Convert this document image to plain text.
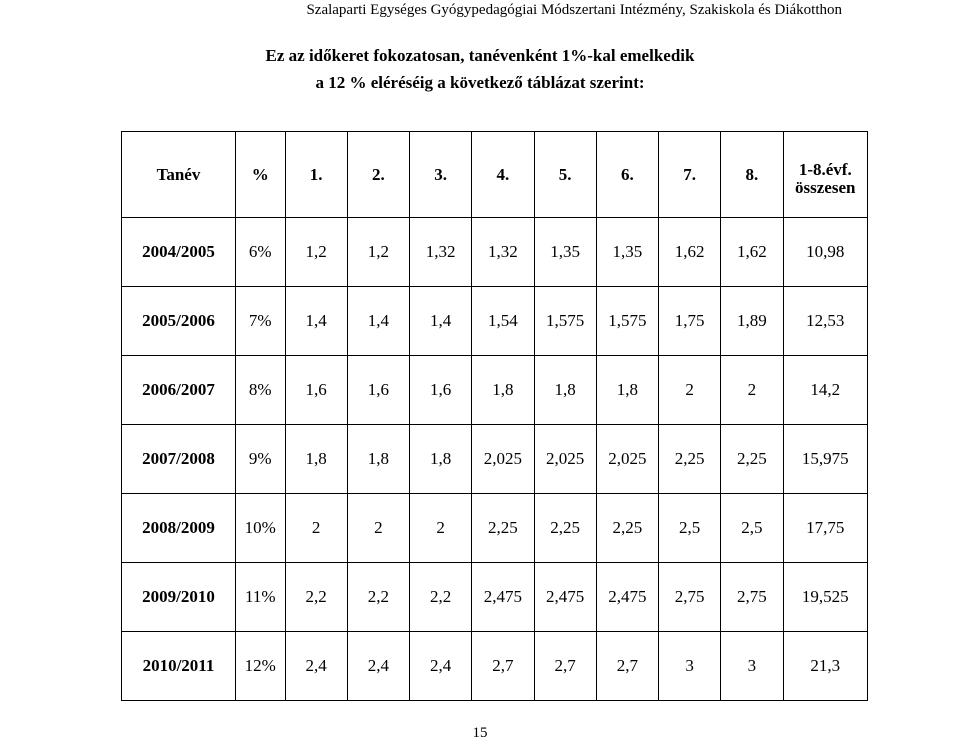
Szalaparti Egységes Gyógypedagógiai Módszertani Intézmény, Szakiskola és Diákotthon
Ez az időkeret fokozatosan, tanévenként 1%-kal emelkedik
a 12 % eléréséig a következő táblázat szerint:
Tanév	%	1.	2.	3.	4.	5.	6.	7.	8.	1-8.évf.
összesen
2004/2005	6%	1,2	1,2	1,32	1,32	1,35	1,35	1,62	1,62	10,98
2005/2006	7%	1,4	1,4	1,4	1,54	1,575	1,575	1,75	1,89	12,53
2006/2007	8%	1,6	1,6	1,6	1,8	1,8	1,8	2	2	14,2
2007/2008	9%	1,8	1,8	1,8	2,025	2,025	2,025	2,25	2,25	15,975
2008/2009	10%	2	2	2	2,25	2,25	2,25	2,5	2,5	17,75
2009/2010	11%	2,2	2,2	2,2	2,475	2,475	2,475	2,75	2,75	19,525
2010/2011	12%	2,4	2,4	2,4	2,7	2,7	2,7	3	3	21,3
15
